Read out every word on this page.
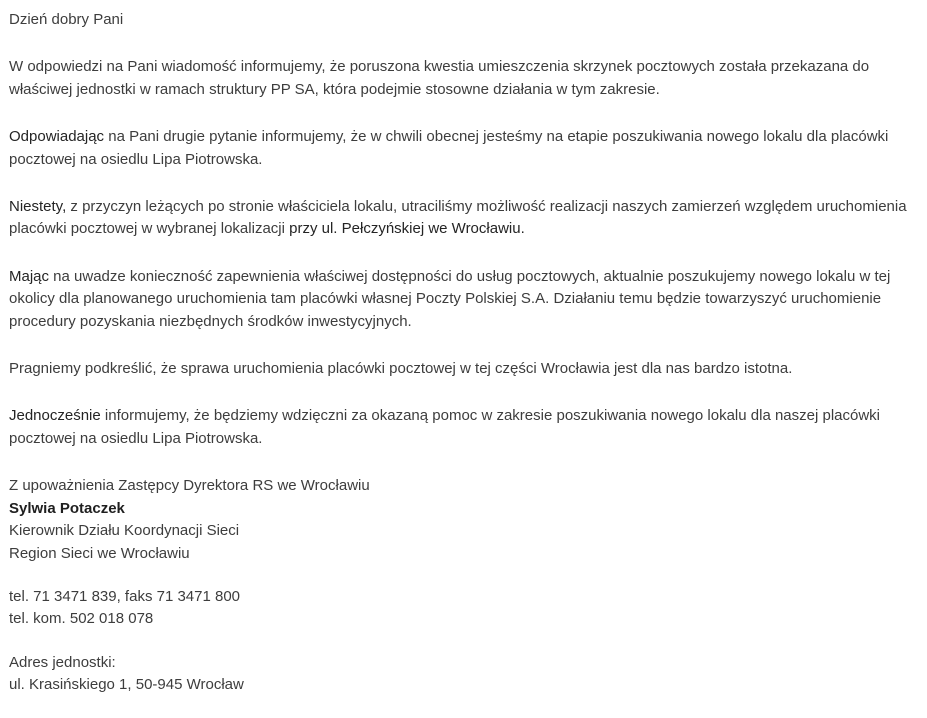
Dzień dobry Pani

W odpowiedzi na Pani wiadomość informujemy, że poruszona kwestia umieszczenia skrzynek pocztowych została przekazana do właściwej jednostki w ramach struktury PP SA, która podejmie stosowne działania w tym zakresie.

Odpowiadając na Pani drugie pytanie informujemy, że w chwili obecnej jesteśmy na etapie poszukiwania nowego lokalu dla placówki pocztowej na osiedlu Lipa Piotrowska.

Niestety, z przyczyn leżących po stronie właściciela lokalu, utraciliśmy możliwość realizacji naszych zamierzeń względem uruchomienia placówki pocztowej w wybranej lokalizacji przy ul. Pełczyńskiej we Wrocławiu.

Mając na uwadze konieczność zapewnienia właściwej dostępności do usług pocztowych, aktualnie poszukujemy nowego lokalu w tej okolicy dla planowanego uruchomienia tam placówki własnej Poczty Polskiej S.A. Działaniu temu będzie towarzyszyć uruchomienie procedury pozyskania niezbędnych środków inwestycyjnych.

Pragniemy podkreślić, że sprawa uruchomienia placówki pocztowej w tej części Wrocławia jest dla nas bardzo istotna.

Jednocześnie informujemy, że będziemy wdzięczni za okazaną pomoc w zakresie poszukiwania nowego lokalu dla naszej placówki pocztowej na osiedlu Lipa Piotrowska.

Z upoważnienia Zastępcy Dyrektora RS we Wrocławiu
Sylwia Potaczek
Kierownik Działu Koordynacji Sieci
Region Sieci we Wrocławiu
tel. 71 3471 839, faks 71 3471 800
tel. kom. 502 018 078
Adres jednostki:
ul. Krasińskiego 1, 50-945 Wrocław
